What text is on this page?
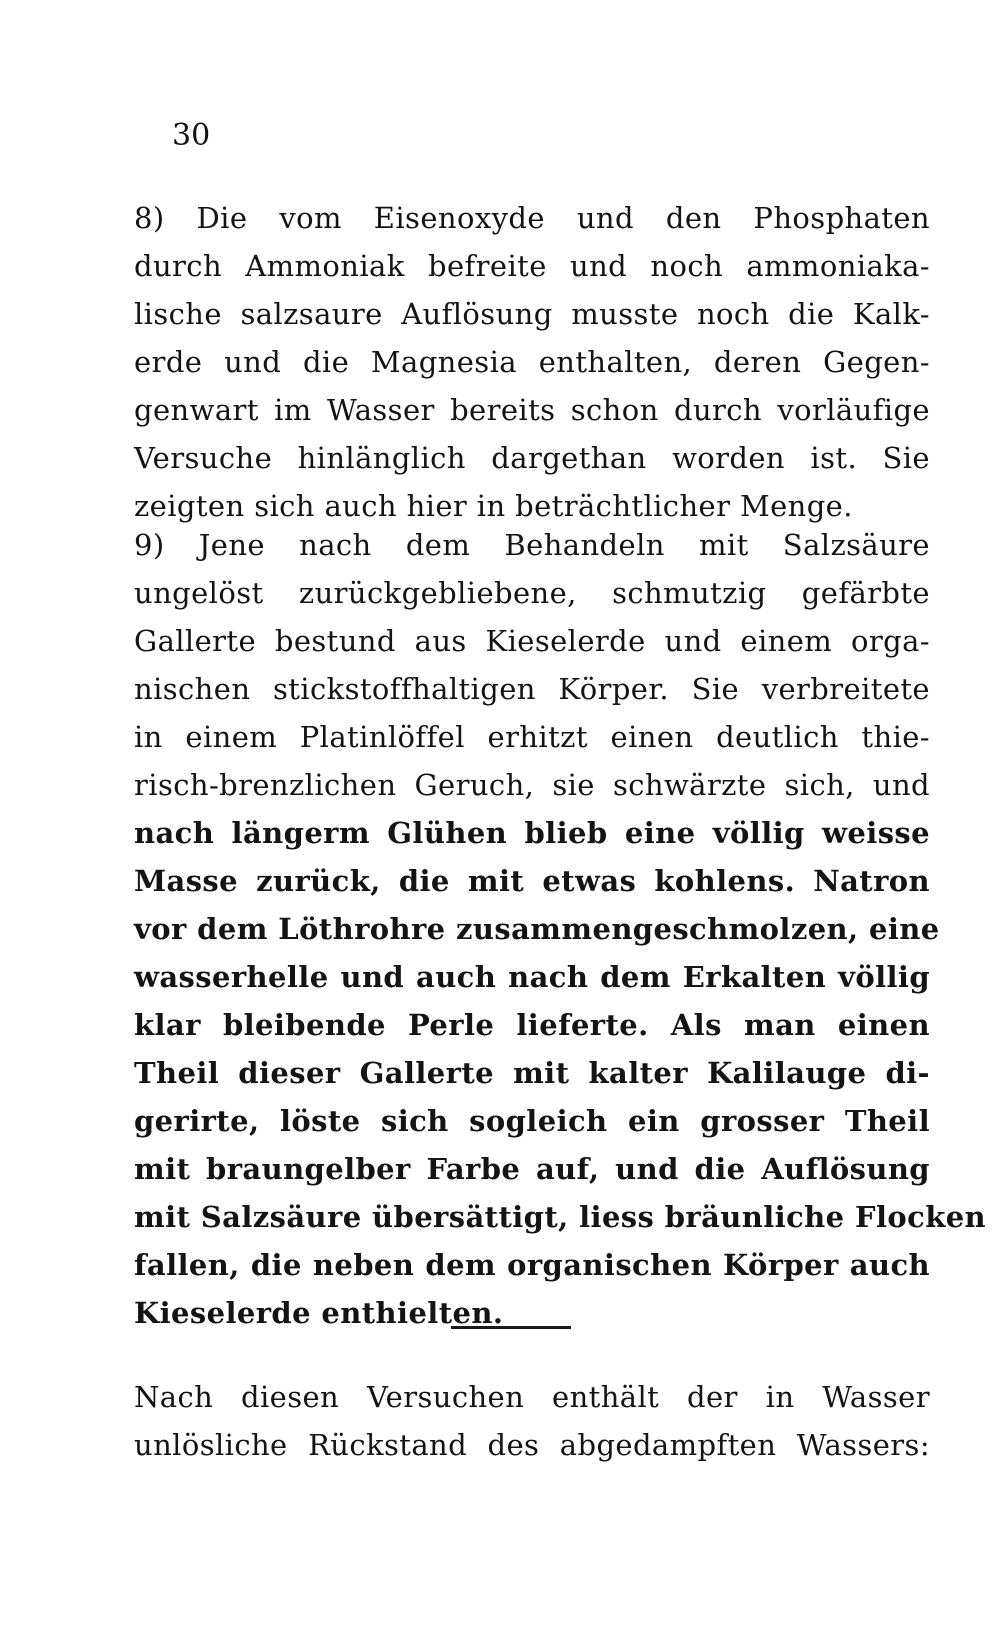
30
8) Die vom Eisenoxyde und den Phosphaten
durch Ammoniak befreite und noch ammoniaka-
lische salzsaure Auflösung musste noch die Kalk-
erde und die Magnesia enthalten, deren Gegen-
genwart im Wasser bereits schon durch vorläufige
Versuche hinlänglich dargethan worden ist. Sie
zeigten sich auch hier in beträchtlicher Menge.
9) Jene nach dem Behandeln mit Salzsäure
ungelöst zurückgebliebene, schmutzig gefärbte
Gallerte bestund aus Kieselerde und einem orga-
nischen stickstoffhaltigen Körper. Sie verbreitete
in einem Platinlöffel erhitzt einen deutlich thie-
risch-brenzlichen Geruch, sie schwärzte sich, und
nach längerm Glühen blieb eine völlig weisse
Masse zurück, die mit etwas kohlens. Natron
vor dem Löthrohre zusammengeschmolzen, eine
wasserhelle und auch nach dem Erkalten völlig
klar bleibende Perle lieferte. Als man einen
Theil dieser Gallerte mit kalter Kalilauge di-
gerirte, löste sich sogleich ein grosser Theil
mit braungelber Farbe auf, und die Auflösung
mit Salzsäure übersättigt, liess bräunliche Flocken
fallen, die neben dem organischen Körper auch
Kieselerde enthielten.
Nach diesen Versuchen enthält der in Wasser
unlösliche Rückstand des abgedampften Wassers:
